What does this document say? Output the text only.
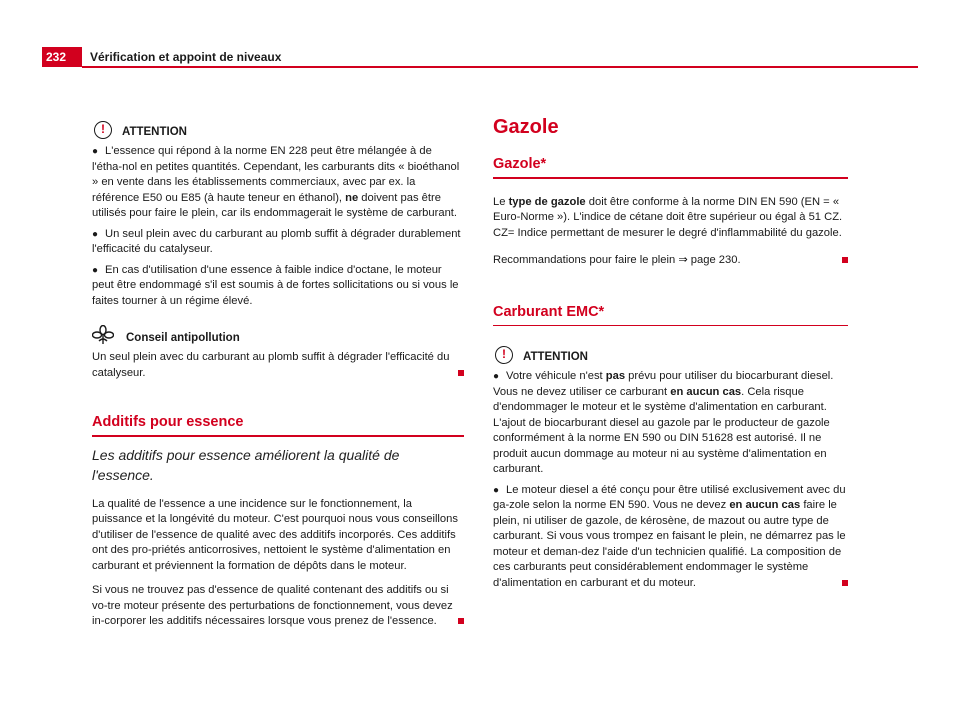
232	Vérification et appoint de niveaux
!	ATTENTION
● L'essence qui répond à la norme EN 228 peut être mélangée à de l'étha-nol en petites quantités. Cependant, les carburants dits « bioéthanol » en vente dans les établissements commerciaux, avec par ex. la référence E50 ou E85 (à haute teneur en éthanol), ne doivent pas être utilisés pour faire le plein, car ils endommagerait le système de carburant.
● Un seul plein avec du carburant au plomb suffit à dégrader durablement l'efficacité du catalyseur.
● En cas d'utilisation d'une essence à faible indice d'octane, le moteur peut être endommagé s'il est soumis à de fortes sollicitations ou si vous le faites tourner à un régime élevé.
Conseil antipollution

Un seul plein avec du carburant au plomb suffit à dégrader l'efficacité du catalyseur.

Additifs pour essence
Les additifs pour essence améliorent la qualité de l'essence.

La qualité de l'essence a une incidence sur le fonctionnement, la puissance et la longévité du moteur. C'est pourquoi nous vous conseillons d'utiliser de l'essence de qualité avec des additifs incorporés. Ces additifs ont des pro-priétés anticorrosives, nettoient le système d'alimentation en carburant et préviennent la formation de dépôts dans le moteur.

Si vous ne trouvez pas d'essence de qualité contenant des additifs ou si vo-tre moteur présente des perturbations de fonctionnement, vous devez in-corporer les additifs nécessaires lorsque vous prenez de l'essence.

Gazole
Gazole*

Le type de gazole doit être conforme à la norme DIN EN 590 (EN = « Euro-Norme »). L'indice de cétane doit être supérieur ou égal à 51 CZ. CZ= Indice permettant de mesurer le degré d'inflammabilité du gazole.

Recommandations pour faire le plein ⇒ page 230.

Carburant EMC*
!	ATTENTION
● Votre véhicule n'est pas prévu pour utiliser du biocarburant diesel. Vous ne devez utiliser ce carburant en aucun cas. Cela risque d'endommager le moteur et le système d'alimentation en carburant. L'ajout de biocarburant diesel au gazole par le producteur de gazole conformément à la norme EN 590 ou DIN 51628 est autorisé. Il ne produit aucun dommage au moteur ni au système d'alimentation en carburant.
● Le moteur diesel a été conçu pour être utilisé exclusivement avec du ga-zole selon la norme EN 590. Vous ne devez en aucun cas faire le plein, ni utiliser de gazole, de kérosène, de mazout ou autre type de carburant. Si vous vous trompez en faisant le plein, ne démarrez pas le moteur et deman-dez l'aide d'un technicien qualifié. La composition de ces carburants peut considérablement endommager le système d'alimentation en carburant et du moteur.
